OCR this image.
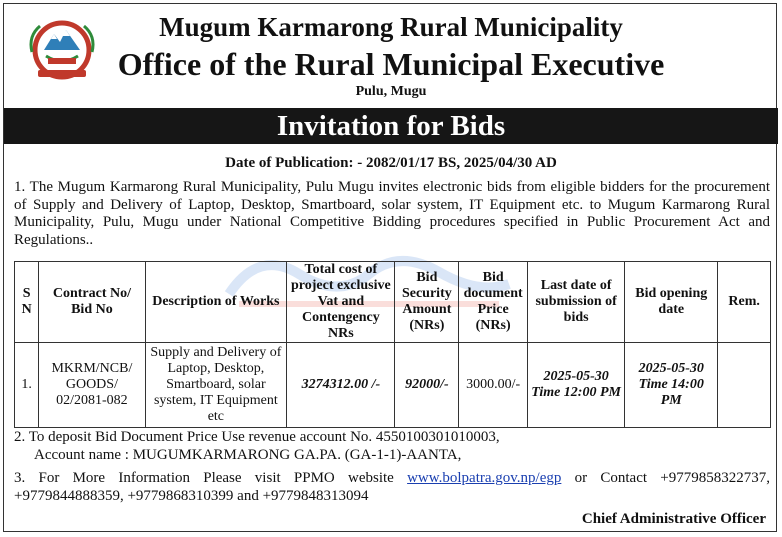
Mugum Karmarong Rural Municipality
Office of the Rural Municipal Executive
Pulu, Mugu
Invitation for Bids
Date of Publication: - 2082/01/17 BS, 2025/04/30 AD
1. The Mugum Karmarong Rural Municipality, Pulu Mugu invites electronic bids from eligible bidders for the procurement of Supply and Delivery of Laptop, Desktop, Smartboard, solar system, IT Equipment etc. to Mugum Karmarong Rural Municipality, Pulu, Mugu under National Competitive Bidding procedures specified in Public Procurement Act and Regulations..
S N	Contract No/ Bid No	Description of Works	Total cost of project exclusive Vat and Contengency NRs	Bid Security Amount (NRs)	Bid document Price (NRs)	Last date of submission of bids	Bid opening date	Rem.
1.	MKRM/NCB/ GOODS/ 02/2081-082	Supply and Delivery of Laptop, Desktop, Smartboard, solar system, IT Equipment etc	3274312.00 /-	92000/-	3000.00/-	2025-05-30 Time 12:00 PM	2025-05-30 Time 14:00 PM	
2. To deposit Bid Document Price Use revenue account No. 4550100301010003,
Account name : MUGUMKARMARONG GA.PA. (GA-1-1)-AANTA,
3. For More Information Please visit PPMO website www.bolpatra.gov.np/egp or Contact +9779858322737, +9779844888359, +9779868310399 and +9779848313094
Chief Administrative Officer
